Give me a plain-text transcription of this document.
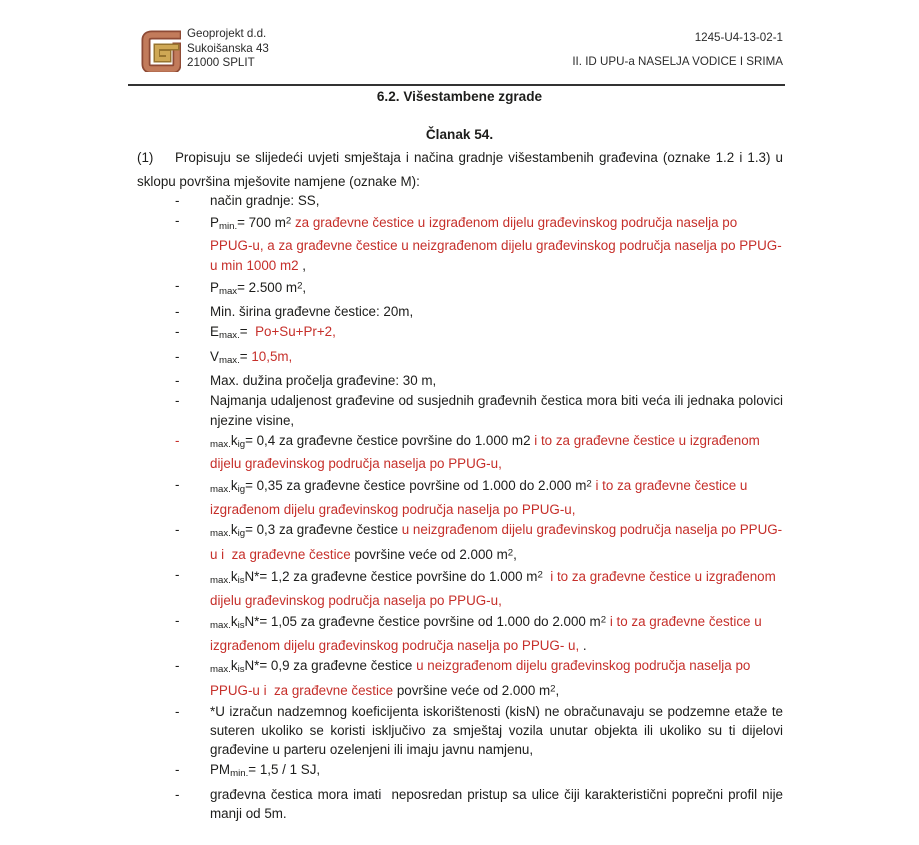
Geoprojekt d.d.
Sukoišanska 43
21000 SPLIT
1245-U4-13-02-1
II. ID UPU-a NASELJA VODICE I SRIMA
6.2. Višestambene zgrade
Članak 54.
(1) Propisuju se slijedeći uvjeti smještaja i načina gradnje višestambenih građevina (oznake 1.2 i 1.3) u sklopu površina mješovite namjene (oznake M):
- način gradnje: SS,
- $P_{min.}= 700$ $m^2$ za građevne čestice u izgrađenom dijelu građevinskog područja naselja po PPUG-u, a za građevne čestice u neizgrađenom dijelu građevinskog područja naselja po PPUG-u min 1000 m2 ,
- $P_{max}= 2.500$ $m^2$,
- Min. širina građevne čestice: 20m,
- $E_{max.}= Po+Su+Pr+2$,
- $V_{max.}= 10,5m$,
- Max. dužina pročelja građevine: 30 m,
- Najmanja udaljenost građevine od susjednih građevnih čestica mora biti veća ili jednaka polovici njezine visine,
-	$_{max.}k_{ig}= 0,4$ za građevne čestice površine do 1.000 m2 i to za građevne čestice u izgrađenom dijelu građevinskog područja naselja po PPUG-u,
-	$_{max.}k_{ig}= 0,35$ za građevne čestice površine od 1.000 do 2.000 $m^2$ i to za građevne čestice u izgrađenom dijelu građevinskog područja naselja po PPUG-u,
-	$_{max.}k_{ig}= 0,3$ za građevne čestice u neizgrađenom dijelu građevinskog područja naselja po PPUG-u i  za građevne čestice površine veće od 2.000 $m^2$,
-	$_{max.}k_{is}N*= 1,2$ za građevne čestice površine do 1.000 $m^2$ i to za građevne čestice u izgrađenom dijelu građevinskog područja naselja po PPUG-u,
-	$_{max.}k_{is}N*= 1,05$ za građevne čestice površine od 1.000 do 2.000 $m^2$ i to za građevne čestice u izgrađenom dijelu građevinskog područja naselja po PPUG- u, .
-	$_{max.}k_{is}N*= 0,9$ za građevne čestice u neizgrađenom dijelu građevinskog područja naselja po PPUG-u i  za građevne čestice površine veće od 2.000 $m^2$,
- *U izračun nadzemnog koeficijenta iskorištenosti (kisN) ne obračunavaju se podzemne etaže te suteren ukoliko se koristi isključivo za smještaj vozila unutar objekta ili ukoliko su ti dijelovi građevine u parteru ozelenjeni ili imaju javnu namjenu,
- $PM_{min.}= 1,5 / 1$ SJ,
- građevna čestica mora imati  neposredan pristup sa ulice čiji karakteristični poprečni profil nije manji od 5m.
